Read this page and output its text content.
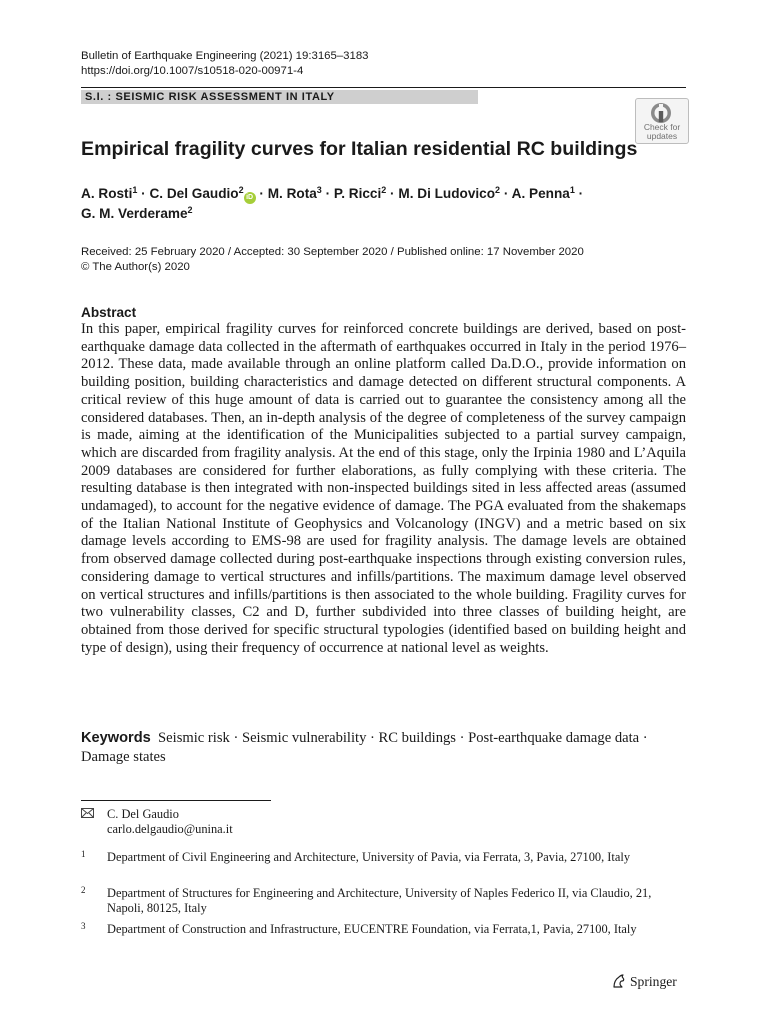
Bulletin of Earthquake Engineering (2021) 19:3165–3183
https://doi.org/10.1007/s10518-020-00971-4
S.I. : SEISMIC RISK ASSESSMENT IN ITALY
Check for
updates
Empirical fragility curves for Italian residential RC buildings
A. Rosti$^1$ · C. Del Gaudio$^2$iD · M. Rota$^3$ · P. Ricci$^2$ · M. Di Ludovico$^2$ · A. Penna$^1$ ·
G. M. Verderame$^2$
Received: 25 February 2020 / Accepted: 30 September 2020 / Published online: 17 November 2020
© The Author(s) 2020
Abstract

In this paper, empirical fragility curves for reinforced concrete buildings are derived, based on post-earthquake damage data collected in the aftermath of earthquakes occurred in Italy in the period 1976–2012. These data, made available through an online platform called Da.D.O., provide information on building position, building characteristics and damage detected on different structural components. A critical review of this huge amount of data is carried out to guarantee the consistency among all the considered databases. Then, an in-depth analysis of the degree of completeness of the survey campaign is made, aiming at the identification of the Municipalities subjected to a partial survey campaign, which are discarded from fragility analysis. At the end of this stage, only the Irpinia 1980 and L’Aquila 2009 databases are considered for further elaborations, as fully complying with these criteria. The resulting database is then integrated with non-inspected buildings sited in less affected areas (assumed undamaged), to account for the negative evidence of damage. The PGA evaluated from the shakemaps of the Italian National Institute of Geophysics and Volcanology (INGV) and a metric based on six damage levels according to EMS-98 are used for fragility analysis. The damage levels are obtained from observed damage collected during post-earthquake inspections through existing conversion rules, considering damage to vertical structures and infills/partitions. The maximum damage level observed on vertical structures and infills/partitions is then associated to the whole building. Fragility curves for two vulnerability classes, C2 and D, further subdivided into three classes of building height, are obtained from those derived for specific structural typologies (identified based on building height and type of design), using their frequency of occurrence at national level as weights.

Keywords Seismic risk · Seismic vulnerability · RC buildings · Post-earthquake damage data · Damage states
C. Del Gaudio
carlo.delgaudio@unina.it
1 Department of Civil Engineering and Architecture, University of Pavia, via Ferrata, 3, Pavia, 27100, Italy
2 Department of Structures for Engineering and Architecture, University of Naples Federico II, via Claudio, 21, Napoli, 80125, Italy
3 Department of Construction and Infrastructure, EUCENTRE Foundation, via Ferrata,1, Pavia, 27100, Italy
Springer
